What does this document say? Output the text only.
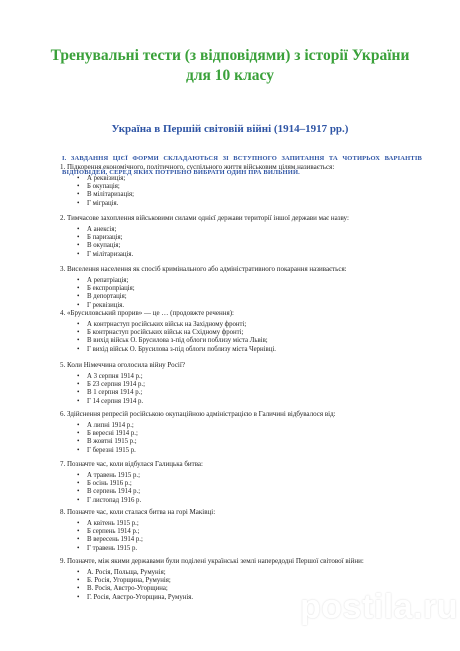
Тренувальні тести (з відповідями) з історії України
для 10 класу
Україна в Першій світовій війні (1914–1917 рр.)
I. ЗАВДАННЯ ЦІЄЇ ФОРМИ СКЛАДАЮТЬСЯ ЗІ ВСТУПНОГО ЗАПИТАННЯ ТА ЧОТИРЬОХ ВАРІАНТІВ ВІДПОВІДЕЙ, СЕРЕД ЯКИХ ПОТРІБНО ВИБРАТИ ОДИН ПРА ВИЛЬНИЙ.
1. Підкорення економічного, політичного, суспільного життя військовим цілям називається:
• А реквізиція;
• Б окупація;
• В мілітаризація;
• Г міграція.
2. Тимчасове захоплення військовими силами однієї держави території іншої держави має назву:
• А анексія;
• Б паризація;
• В окупація;
• Г мілітаризація.
3. Виселення населення як спосіб кримінального або адміністративного покарання називається:
• А репатріація;
• Б експропріація;
• В депортація;
• Г реквізиція.
4. «Брусиловський прорив» — це … (продовжте речення):
• А контрнаступ російських військ на Західному фронті;
• Б контрнаступ російських військ на Східному фронті;
• В вихід військ О. Брусилова з-під облоги поблизу міста Львів;
• Г вихід військ О. Брусилова з-під облоги поблизу міста Чернівці.
5. Коли Німеччина оголосила війну Росії?
• А 3 серпня 1914 р.;
• Б 23 серпня 1914 р.;
• В 1 серпня 1914 р.;
• Г 14 серпня 1914 р.
6. Здійснення репресій російською окупаційною адміністрацією в Галичині відбувалося від:
• А липні 1914 р.;
• Б вересні 1914 р.;
• В жовтні 1915 р.;
• Г березні 1915 р.
7. Позначте час, коли відбулася Галицька битва:
• А травень 1915 р.;
• Б осінь 1916 р.;
• В серпень 1914 р.;
• Г листопад 1916 р.
8. Позначте час, коли сталася битва на горі Маківці:
• А квітень 1915 р.;
• Б серпень 1914 р.;
• В вересень 1914 р.;
• Г травень 1915 р.
9. Позначте, між якими державами були поділені українські землі напередодні Першої світової війни:
• А. Росія, Польща, Румунія;
• Б. Росія, Угорщина, Румунія;
• В. Росія, Австро-Угорщина;
• Г. Росія, Австро-Угорщина, Румунія.	postila.ru
